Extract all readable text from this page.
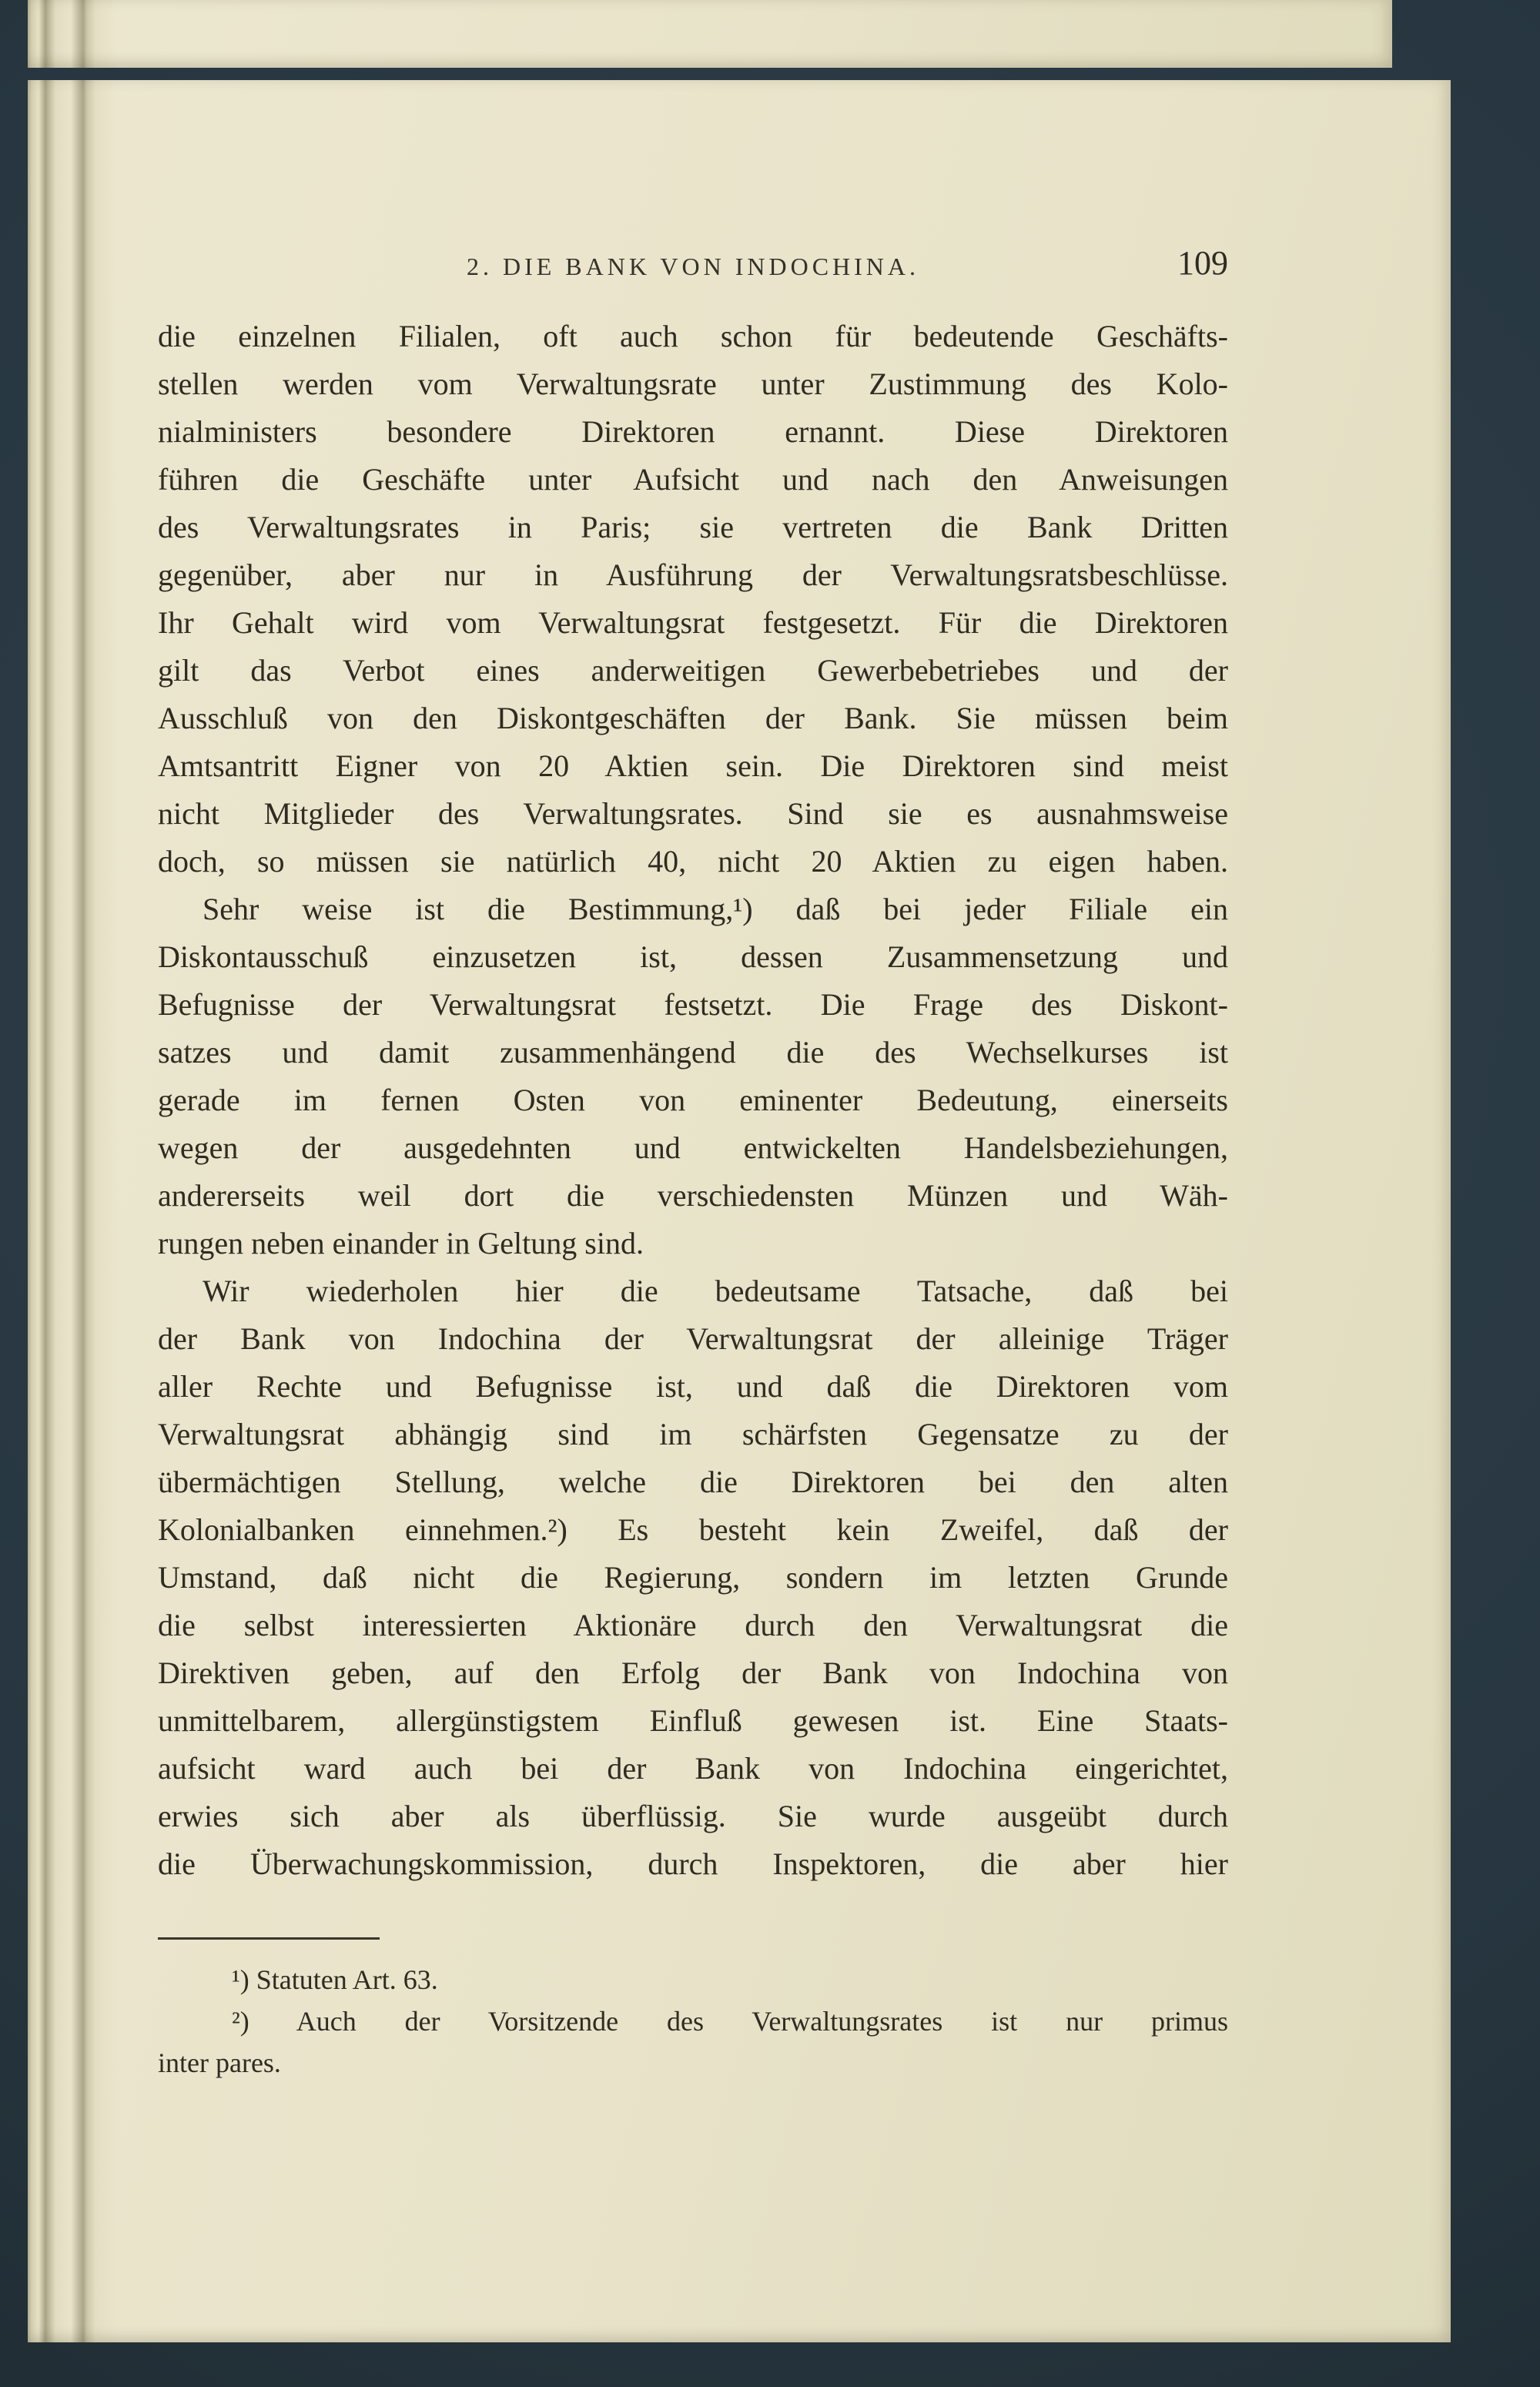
2. DIE BANK VON INDOCHINA.	109
die einzelnen Filialen, oft auch schon für bedeutende Geschäfts-
stellen werden vom Verwaltungsrate unter Zustimmung des Kolo-
nialministers besondere Direktoren ernannt. Diese Direktoren
führen die Geschäfte unter Aufsicht und nach den Anweisungen
des Verwaltungsrates in Paris; sie vertreten die Bank Dritten
gegenüber, aber nur in Ausführung der Verwaltungsratsbeschlüsse.
Ihr Gehalt wird vom Verwaltungsrat festgesetzt. Für die Direktoren
gilt das Verbot eines anderweitigen Gewerbebetriebes und der
Ausschluß von den Diskontgeschäften der Bank. Sie müssen beim
Amtsantritt Eigner von 20 Aktien sein. Die Direktoren sind meist
nicht Mitglieder des Verwaltungsrates. Sind sie es ausnahmsweise
doch, so müssen sie natürlich 40, nicht 20 Aktien zu eigen haben.
Sehr weise ist die Bestimmung,¹) daß bei jeder Filiale ein
Diskontausschuß einzusetzen ist, dessen Zusammensetzung und
Befugnisse der Verwaltungsrat festsetzt. Die Frage des Diskont-
satzes und damit zusammenhängend die des Wechselkurses ist
gerade im fernen Osten von eminenter Bedeutung, einerseits
wegen der ausgedehnten und entwickelten Handelsbeziehungen,
andererseits weil dort die verschiedensten Münzen und Wäh-
rungen neben einander in Geltung sind.
Wir wiederholen hier die bedeutsame Tatsache, daß bei
der Bank von Indochina der Verwaltungsrat der alleinige Träger
aller Rechte und Befugnisse ist, und daß die Direktoren vom
Verwaltungsrat abhängig sind im schärfsten Gegensatze zu der
übermächtigen Stellung, welche die Direktoren bei den alten
Kolonialbanken einnehmen.²) Es besteht kein Zweifel, daß der
Umstand, daß nicht die Regierung, sondern im letzten Grunde
die selbst interessierten Aktionäre durch den Verwaltungsrat die
Direktiven geben, auf den Erfolg der Bank von Indochina von
unmittelbarem, allergünstigstem Einfluß gewesen ist. Eine Staats-
aufsicht ward auch bei der Bank von Indochina eingerichtet,
erwies sich aber als überflüssig. Sie wurde ausgeübt durch
die Überwachungskommission, durch Inspektoren, die aber hier
¹) Statuten Art. 63.
²) Auch der Vorsitzende des Verwaltungsrates ist nur primus
inter pares.
